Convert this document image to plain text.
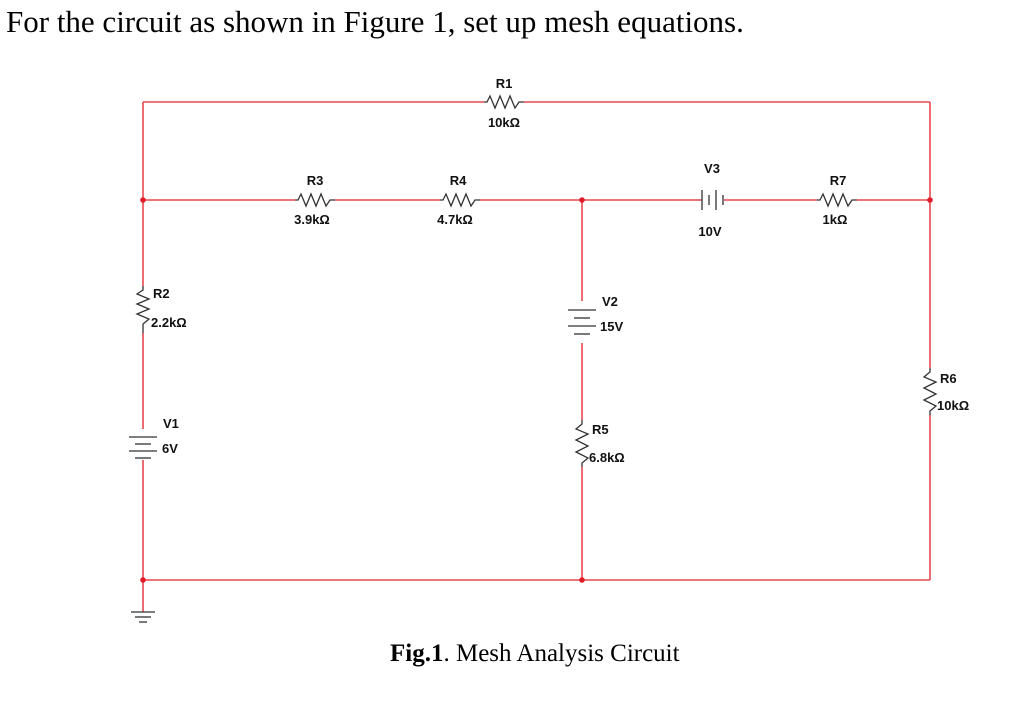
For the circuit as shown in Figure 1, set up mesh equations.
R1
10kΩ
R3
3.9kΩ
R4
4.7kΩ
V3
10V
R7
1kΩ
R2
2.2kΩ
V2
15V
V1
6V
R5
6.8kΩ
R6
10kΩ
Fig.1. Mesh Analysis Circuit
